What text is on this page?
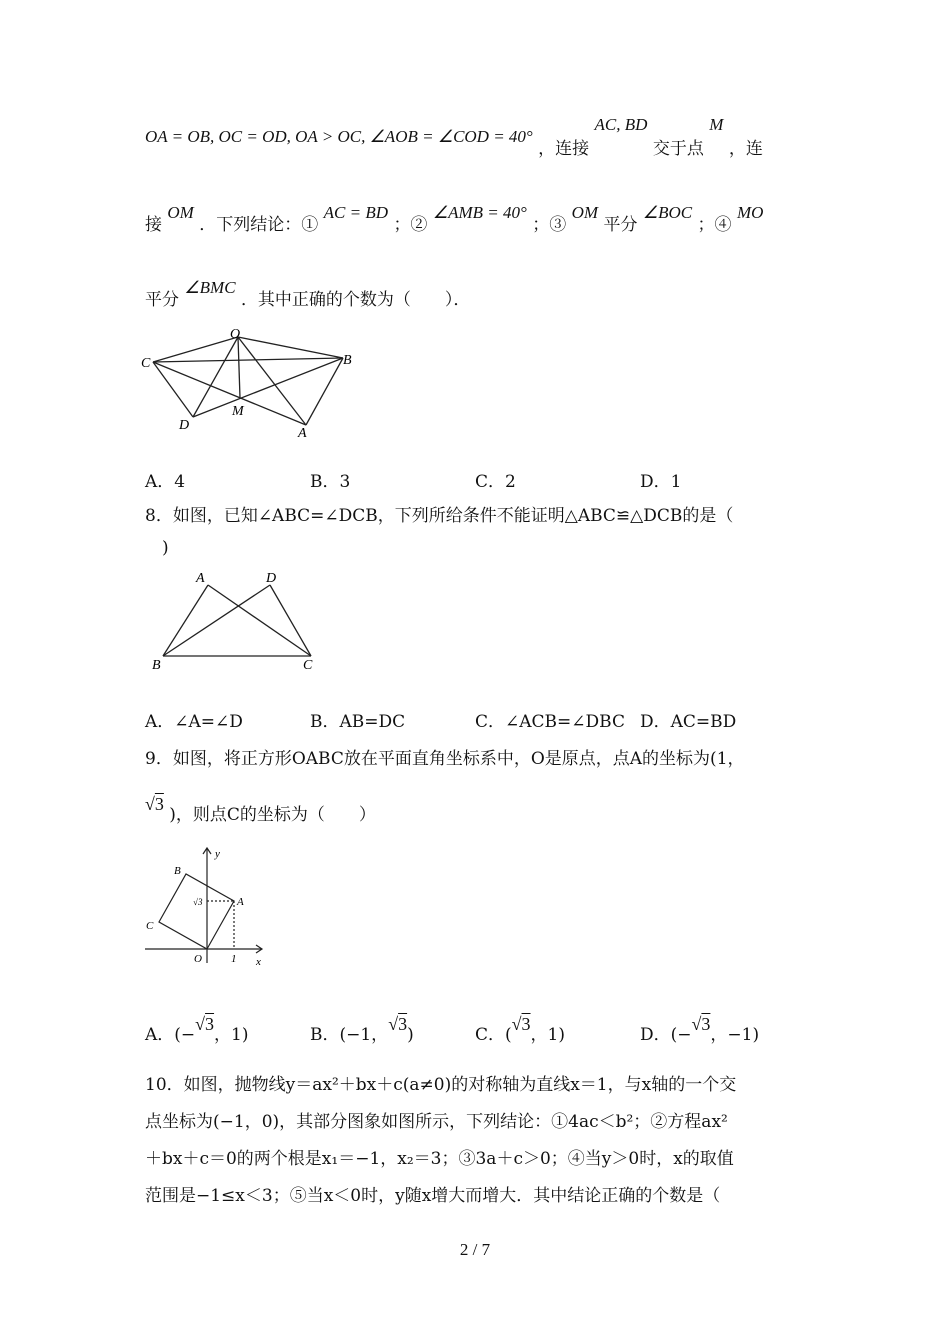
OA = OB, OC = OD, OA > OC, ∠AOB = ∠COD = 40° ，连接 AC, BD 交于点 M ，连
接 OM ．下列结论：① AC = BD ；② ∠AMB = 40° ；③ OM 平分 ∠BOC ；④ MO
平分 ∠BMC ．其中正确的个数为（　　）．
O
C	B
D
M
A
A．4	B．3	C．2	D．1
8．如图，已知∠ABC=∠DCB，下列所给条件不能证明△ABC≌△DCB的是（
)
A	D
B	C
A．∠A=∠D	B．AB=DC	C．∠ACB=∠DBC D．AC=BD
9．如图，将正方形OABC放在平面直角坐标系中，O是原点，点A的坐标为(1，
√3 )，则点C的坐标为（　　）
y
x
O	1
A
B
C
√3
A．(−√3，1)	B．(−1，√3)	C．(√3，1)	D．(−√3，−1)
10．如图，抛物线y＝ax²＋bx＋c(a≠0)的对称轴为直线x＝1，与x轴的一个交
点坐标为(−1，0)，其部分图象如图所示，下列结论：①4ac＜b²；②方程ax²
＋bx＋c＝0的两个根是x₁＝−1，x₂＝3；③3a＋c＞0；④当y＞0时，x的取值
范围是−1≤x＜3；⑤当x＜0时，y随x增大而增大．其中结论正确的个数是（
2 / 7
